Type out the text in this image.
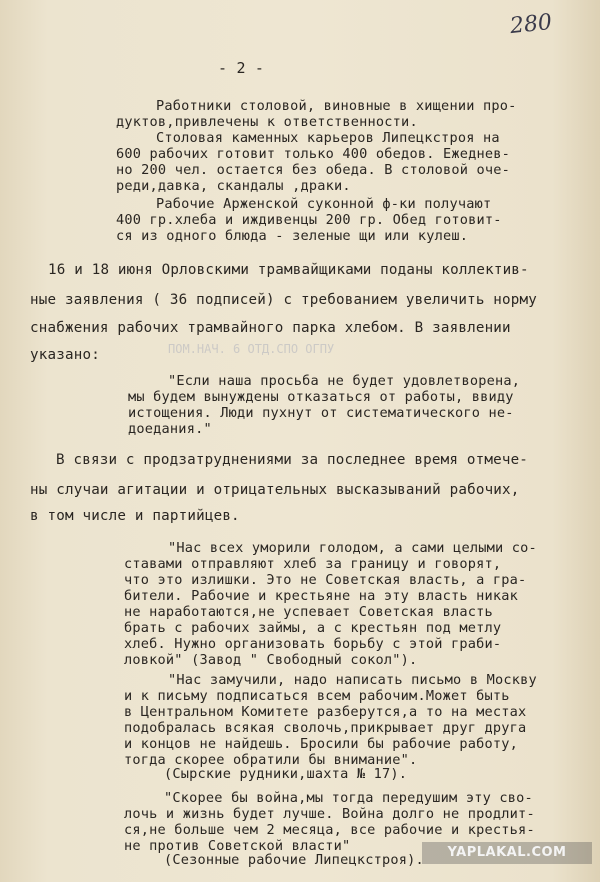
280
- 2 -
ПОМ.НАЧ. 6 ОТД.СПО ОГПУ
Работники столовой, виновные в хищении про-
дуктов,привлечены к ответственности.
Столовая каменных карьеров Липецкстроя на
600 рабочих готовит только 400 обедов. Ежеднев-
но 200 чел. остается без обеда. В столовой оче-
реди,давка, скандалы ,драки.
Рабочие Арженской суконной ф-ки получают
400 гр.хлеба и иждивенцы 200 гр. Обед готовит-
ся из одного блюда - зеленые щи или кулеш.
16 и 18 июня Орловскими трамвайщиками поданы коллектив-
ные заявления ( 36 подписей) с требованием увеличить норму
снабжения рабочих трамвайного парка хлебом. В заявлении
указано:
"Если наша просьба не будет удовлетворена,
мы будем вынуждены отказаться от работы, ввиду
истощения. Люди пухнут от систематического не-
доедания."
В связи с продзатруднениями за последнее время отмече-
ны случаи агитации и отрицательных высказываний рабочих,
в том числе и партийцев.
"Нас всех уморили голодом, а сами целыми со-
ставами отправляют хлеб за границу и говорят,
что это излишки. Это не Советская власть, а гра-
бители. Рабочие и крестьяне на эту власть никак
не наработаются,не успевает Советская власть
брать с рабочих займы, а с крестьян под метлу
хлеб. Нужно организовать борьбу с этой граби-
ловкой" (Завод " Свободный сокол").
"Нас замучили, надо написать письмо в Москву
и к письму подписаться всем рабочим.Может быть
в Центральном Комитете разберутся,а то на местах
подобралась всякая сволочь,прикрывает друг друга
и концов не найдешь. Бросили бы рабочие работу,
тогда скорее обратили бы внимание".
(Сырские рудники,шахта № 17).
"Скорее бы война,мы тогда передушим эту сво-
лочь и жизнь будет лучше. Война долго не продлит-
ся,не больше чем 2 месяца, все рабочие и крестья-
не против Советской власти"
(Сезонные рабочие Липецкстроя).	YAPLAKAL.COM
